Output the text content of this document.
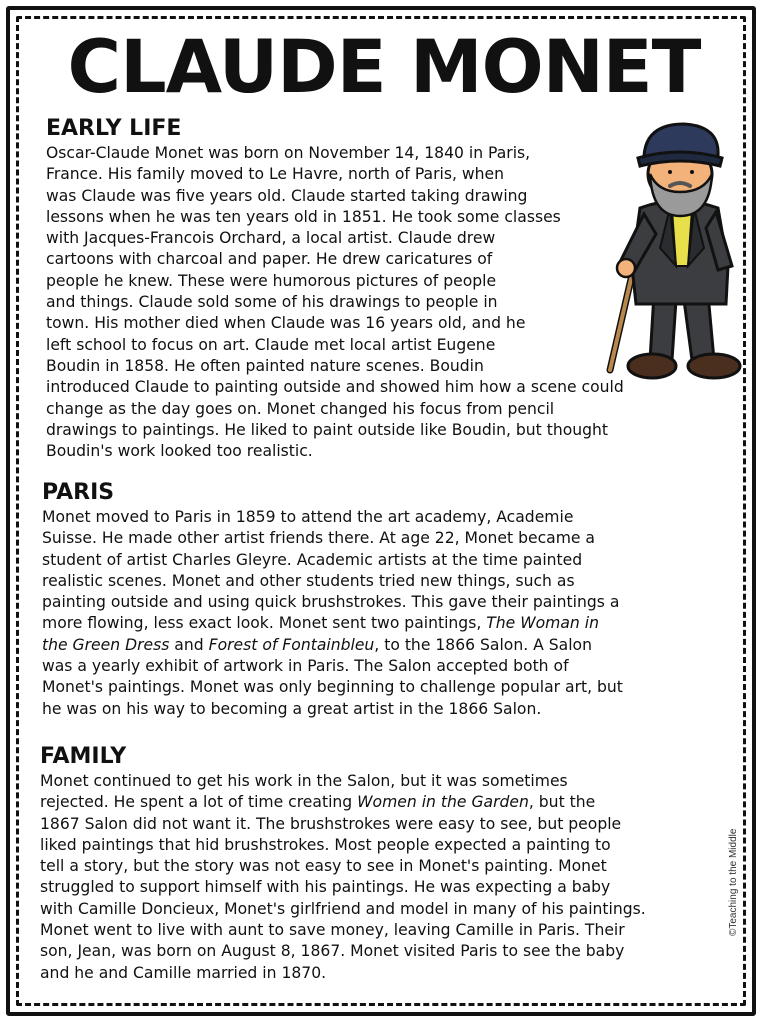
CLAUDE MONET
EARLY LIFE

Oscar-Claude Monet was born on November 14, 1840 in Paris,
France. His family moved to Le Havre, north of Paris, when
was Claude was five years old. Claude started taking drawing
lessons when he was ten years old in 1851. He took some classes
with Jacques-Francois Orchard, a local artist. Claude drew
cartoons with charcoal and paper. He drew caricatures of
people he knew. These were humorous pictures of people
and things. Claude sold some of his drawings to people in
town. His mother died when Claude was 16 years old, and he
left school to focus on art. Claude met local artist Eugene
Boudin in 1858. He often painted nature scenes. Boudin
introduced Claude to painting outside and showed him how a scene could
change as the day goes on. Monet changed his focus from pencil
drawings to paintings. He liked to paint outside like Boudin, but thought
Boudin's work looked too realistic.

PARIS

Monet moved to Paris in 1859 to attend the art academy, Academie
Suisse. He made other artist friends there. At age 22, Monet became a
student of artist Charles Gleyre. Academic artists at the time painted
realistic scenes. Monet and other students tried new things, such as
painting outside and using quick brushstrokes. This gave their paintings a
more flowing, less exact look. Monet sent two paintings, The Woman in
the Green Dress and Forest of Fontainbleu, to the 1866 Salon. A Salon
was a yearly exhibit of artwork in Paris. The Salon accepted both of
Monet's paintings. Monet was only beginning to challenge popular art, but
he was on his way to becoming a great artist in the 1866 Salon.

FAMILY

Monet continued to get his work in the Salon, but it was sometimes
rejected. He spent a lot of time creating Women in the Garden, but the
1867 Salon did not want it. The brushstrokes were easy to see, but people
liked paintings that hid brushstrokes. Most people expected a painting to
tell a story, but the story was not easy to see in Monet's painting. Monet
struggled to support himself with his paintings. He was expecting a baby
with Camille Doncieux, Monet's girlfriend and model in many of his paintings.
Monet went to live with aunt to save money, leaving Camille in Paris. Their
son, Jean, was born on August 8, 1867. Monet visited Paris to see the baby
and he and Camille married in 1870.

©Teaching to the Middle
